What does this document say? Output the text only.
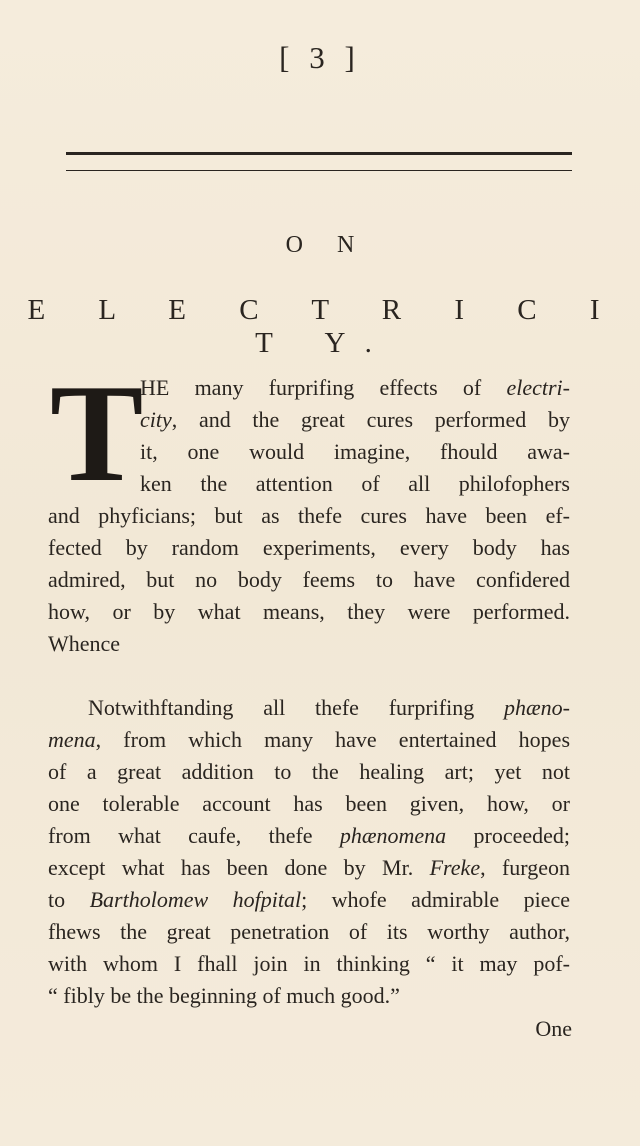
[ 3 ]
O N
E L E C T R I C I T Y.
T
HE many furprifing effects of electri-
city, and the great cures performed by
it, one would imagine, fhould awa-
ken the attention of all philofophers
and phyficians; but as thefe cures have been ef-
fected by random experiments, every body has
admired, but no body feems to have confidered
how, or by what means, they were performed.
Whence
Notwithftanding all thefe furprifing phæno-
mena, from which many have entertained hopes
of a great addition to the healing art; yet not
one tolerable account has been given, how, or
from what caufe, thefe phænomena proceeded;
except what has been done by Mr. Freke, furgeon
to Bartholomew hofpital; whofe admirable piece
fhews the great penetration of its worthy author,
with whom I fhall join in thinking “ it may pof-
“ fibly be the beginning of much good.”
One
